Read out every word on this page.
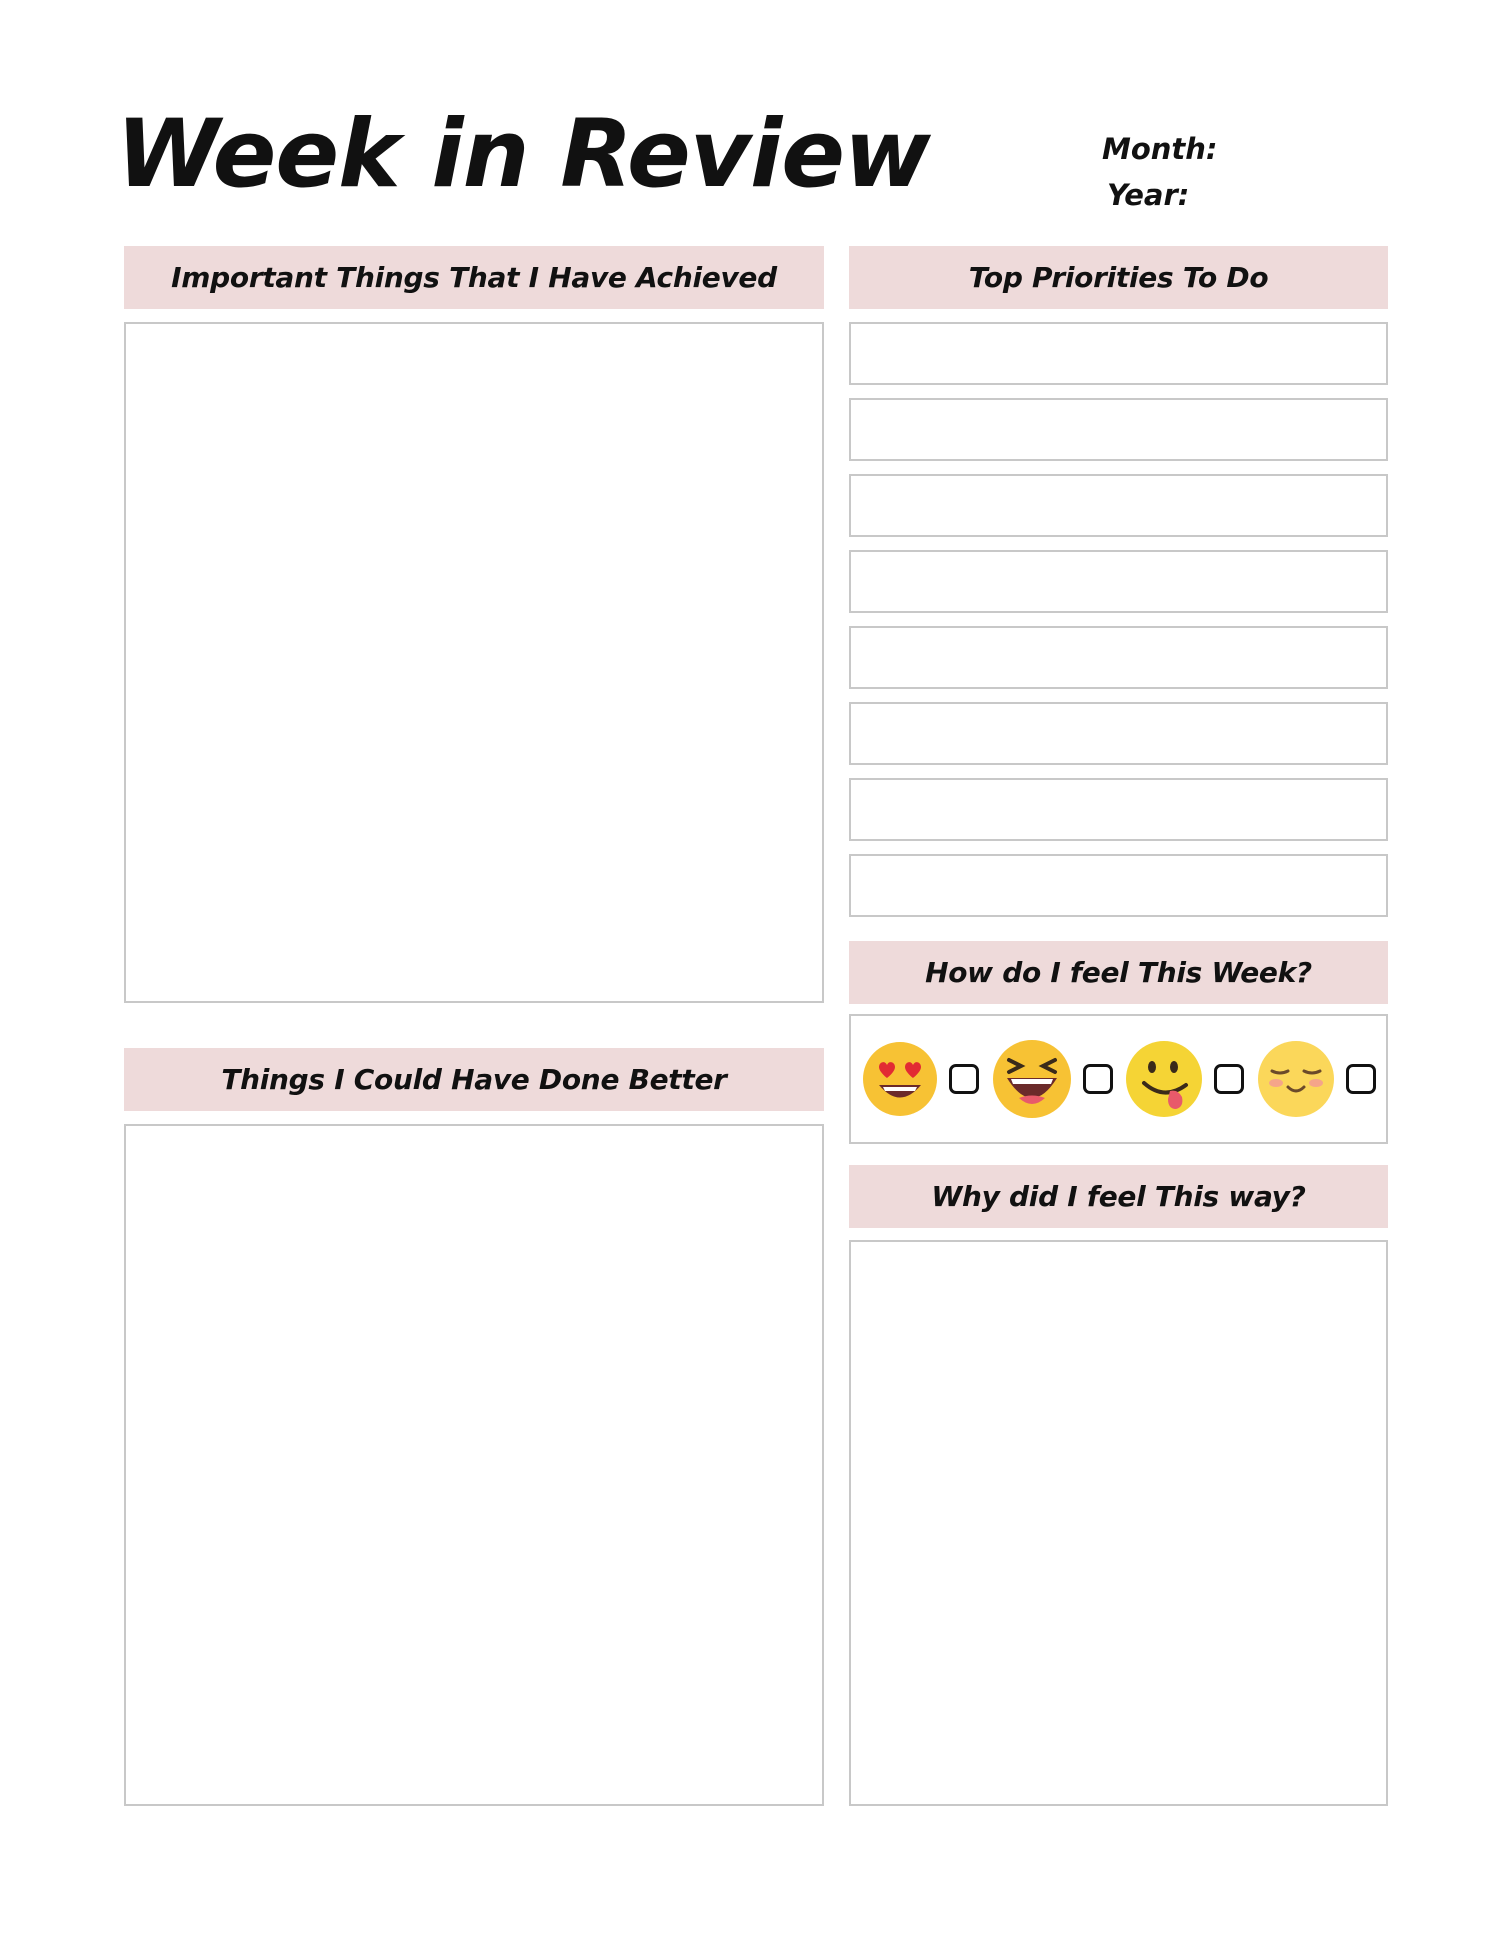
Week in Review	Month:
Year:
Important Things That I Have Achieved
Things I Could Have Done Better
Top Priorities To Do
How do I feel This Week?
Why did I feel This way?
